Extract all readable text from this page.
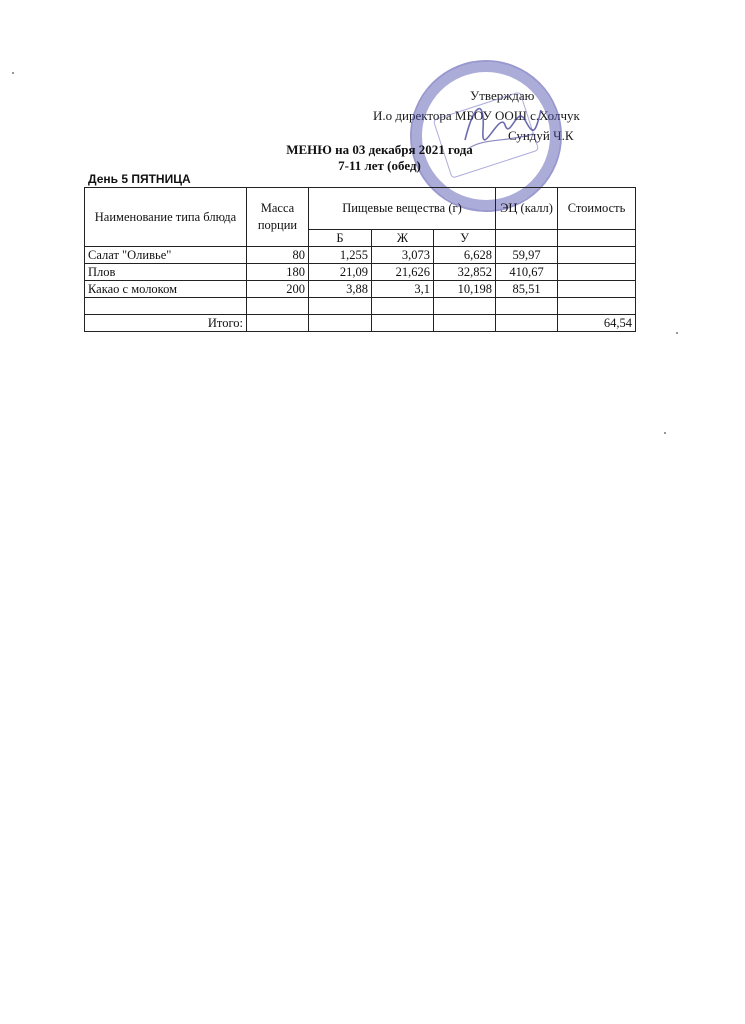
Утверждаю
И.о директора МБОУ ООШ с.Холчук
Сундуй Ч.К
МЕНЮ на 03 декабря 2021 года
7-11 лет (обед)
День 5 ПЯТНИЦА
Наименование типа блюда	Масса порции	Пищевые вещества (г)			ЭЦ (калл)	Стоимость
		Б	Ж	У		
Салат "Оливье"	80	1,255	3,073	6,628	59,97	
Плов	180	21,09	21,626	32,852	410,67	
Какао с молоком	200	3,88	3,1	10,198	85,51	

Итого:						64,54
